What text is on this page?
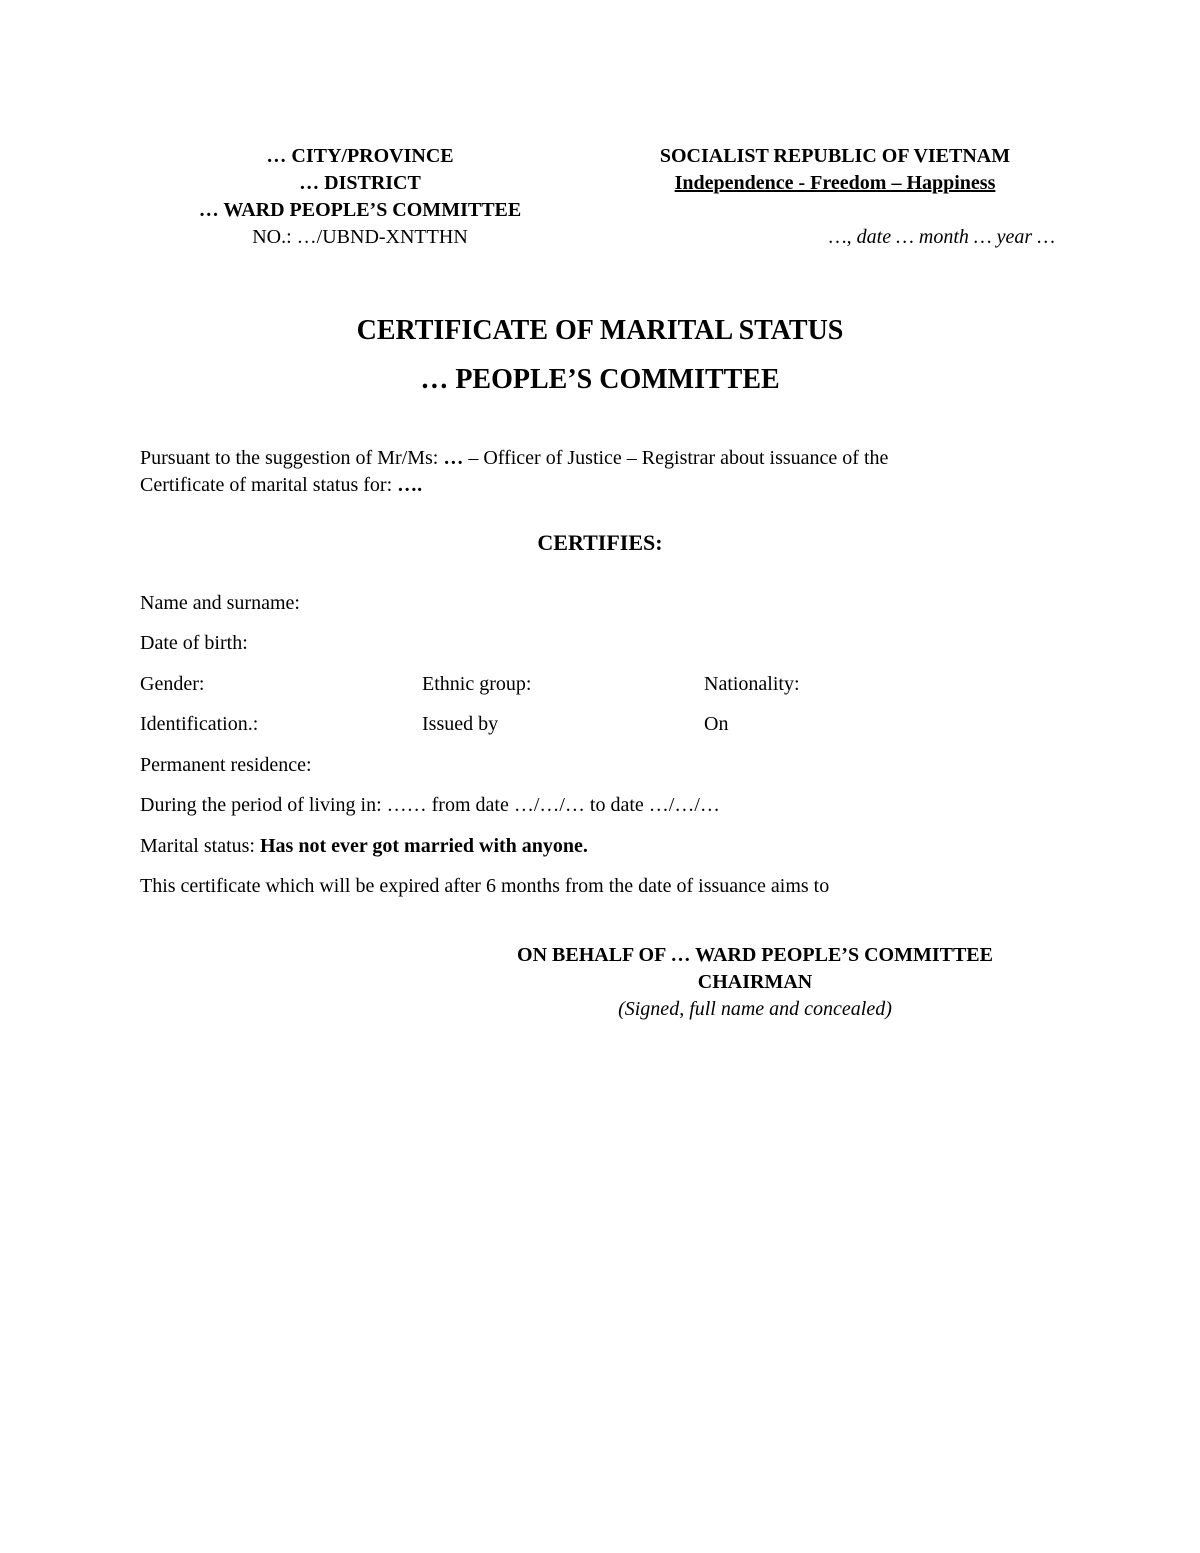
… CITY/PROVINCE
… DISTRICT
… WARD PEOPLE’S COMMITTEE
NO.: …/UBND-XNTTHN
SOCIALIST REPUBLIC OF VIETNAM
Independence - Freedom – Happiness
…, date … month … year …
CERTIFICATE OF MARITAL STATUS
… PEOPLE’S COMMITTEE
Pursuant to the suggestion of Mr/Ms: … – Officer of Justice – Registrar about issuance of the
Certificate of marital status for: ….
CERTIFIES:
Name and surname:
Date of birth:
Gender:	Ethnic group:	Nationality:
Identification.:	Issued by	On
Permanent residence:
During the period of living in: …… from date …/…/… to date …/…/…
Marital status: Has not ever got married with anyone.
This certificate which will be expired after 6 months from the date of issuance aims to
ON BEHALF OF … WARD PEOPLE’S COMMITTEE
CHAIRMAN
(Signed, full name and concealed)
